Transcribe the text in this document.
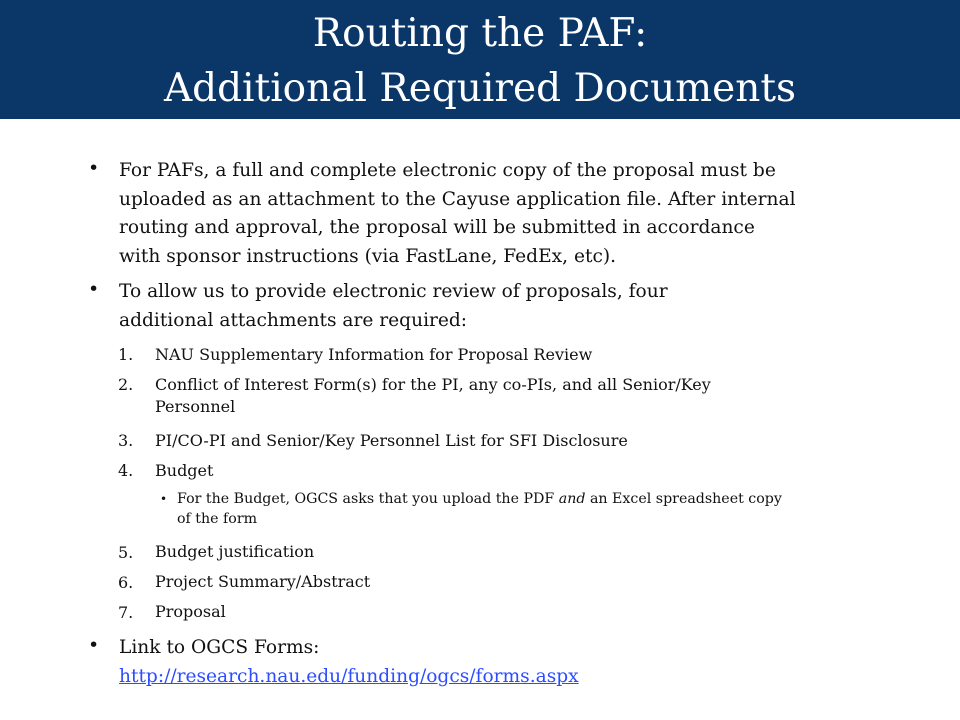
Routing the PAF:
Additional Required Documents
• For PAFs, a full and complete electronic copy of the proposal must be
uploaded as an attachment to the Cayuse application file. After internal
routing and approval, the proposal will be submitted in accordance
with sponsor instructions (via FastLane, FedEx, etc).
• To allow us to provide electronic review of proposals, four
additional attachments are required:
1.	NAU Supplementary Information for Proposal Review
2.	Conflict of Interest Form(s) for the PI, any co-PIs, and all Senior/Key
Personnel
3.	PI/CO-PI and Senior/Key Personnel List for SFI Disclosure
4.	Budget
• For the Budget, OGCS asks that you upload the PDF and an Excel spreadsheet copy
of the form
5.	Budget justification
6.	Project Summary/Abstract
7.	Proposal
• Link to OGCS Forms:
http://research.nau.edu/funding/ogcs/forms.aspx
